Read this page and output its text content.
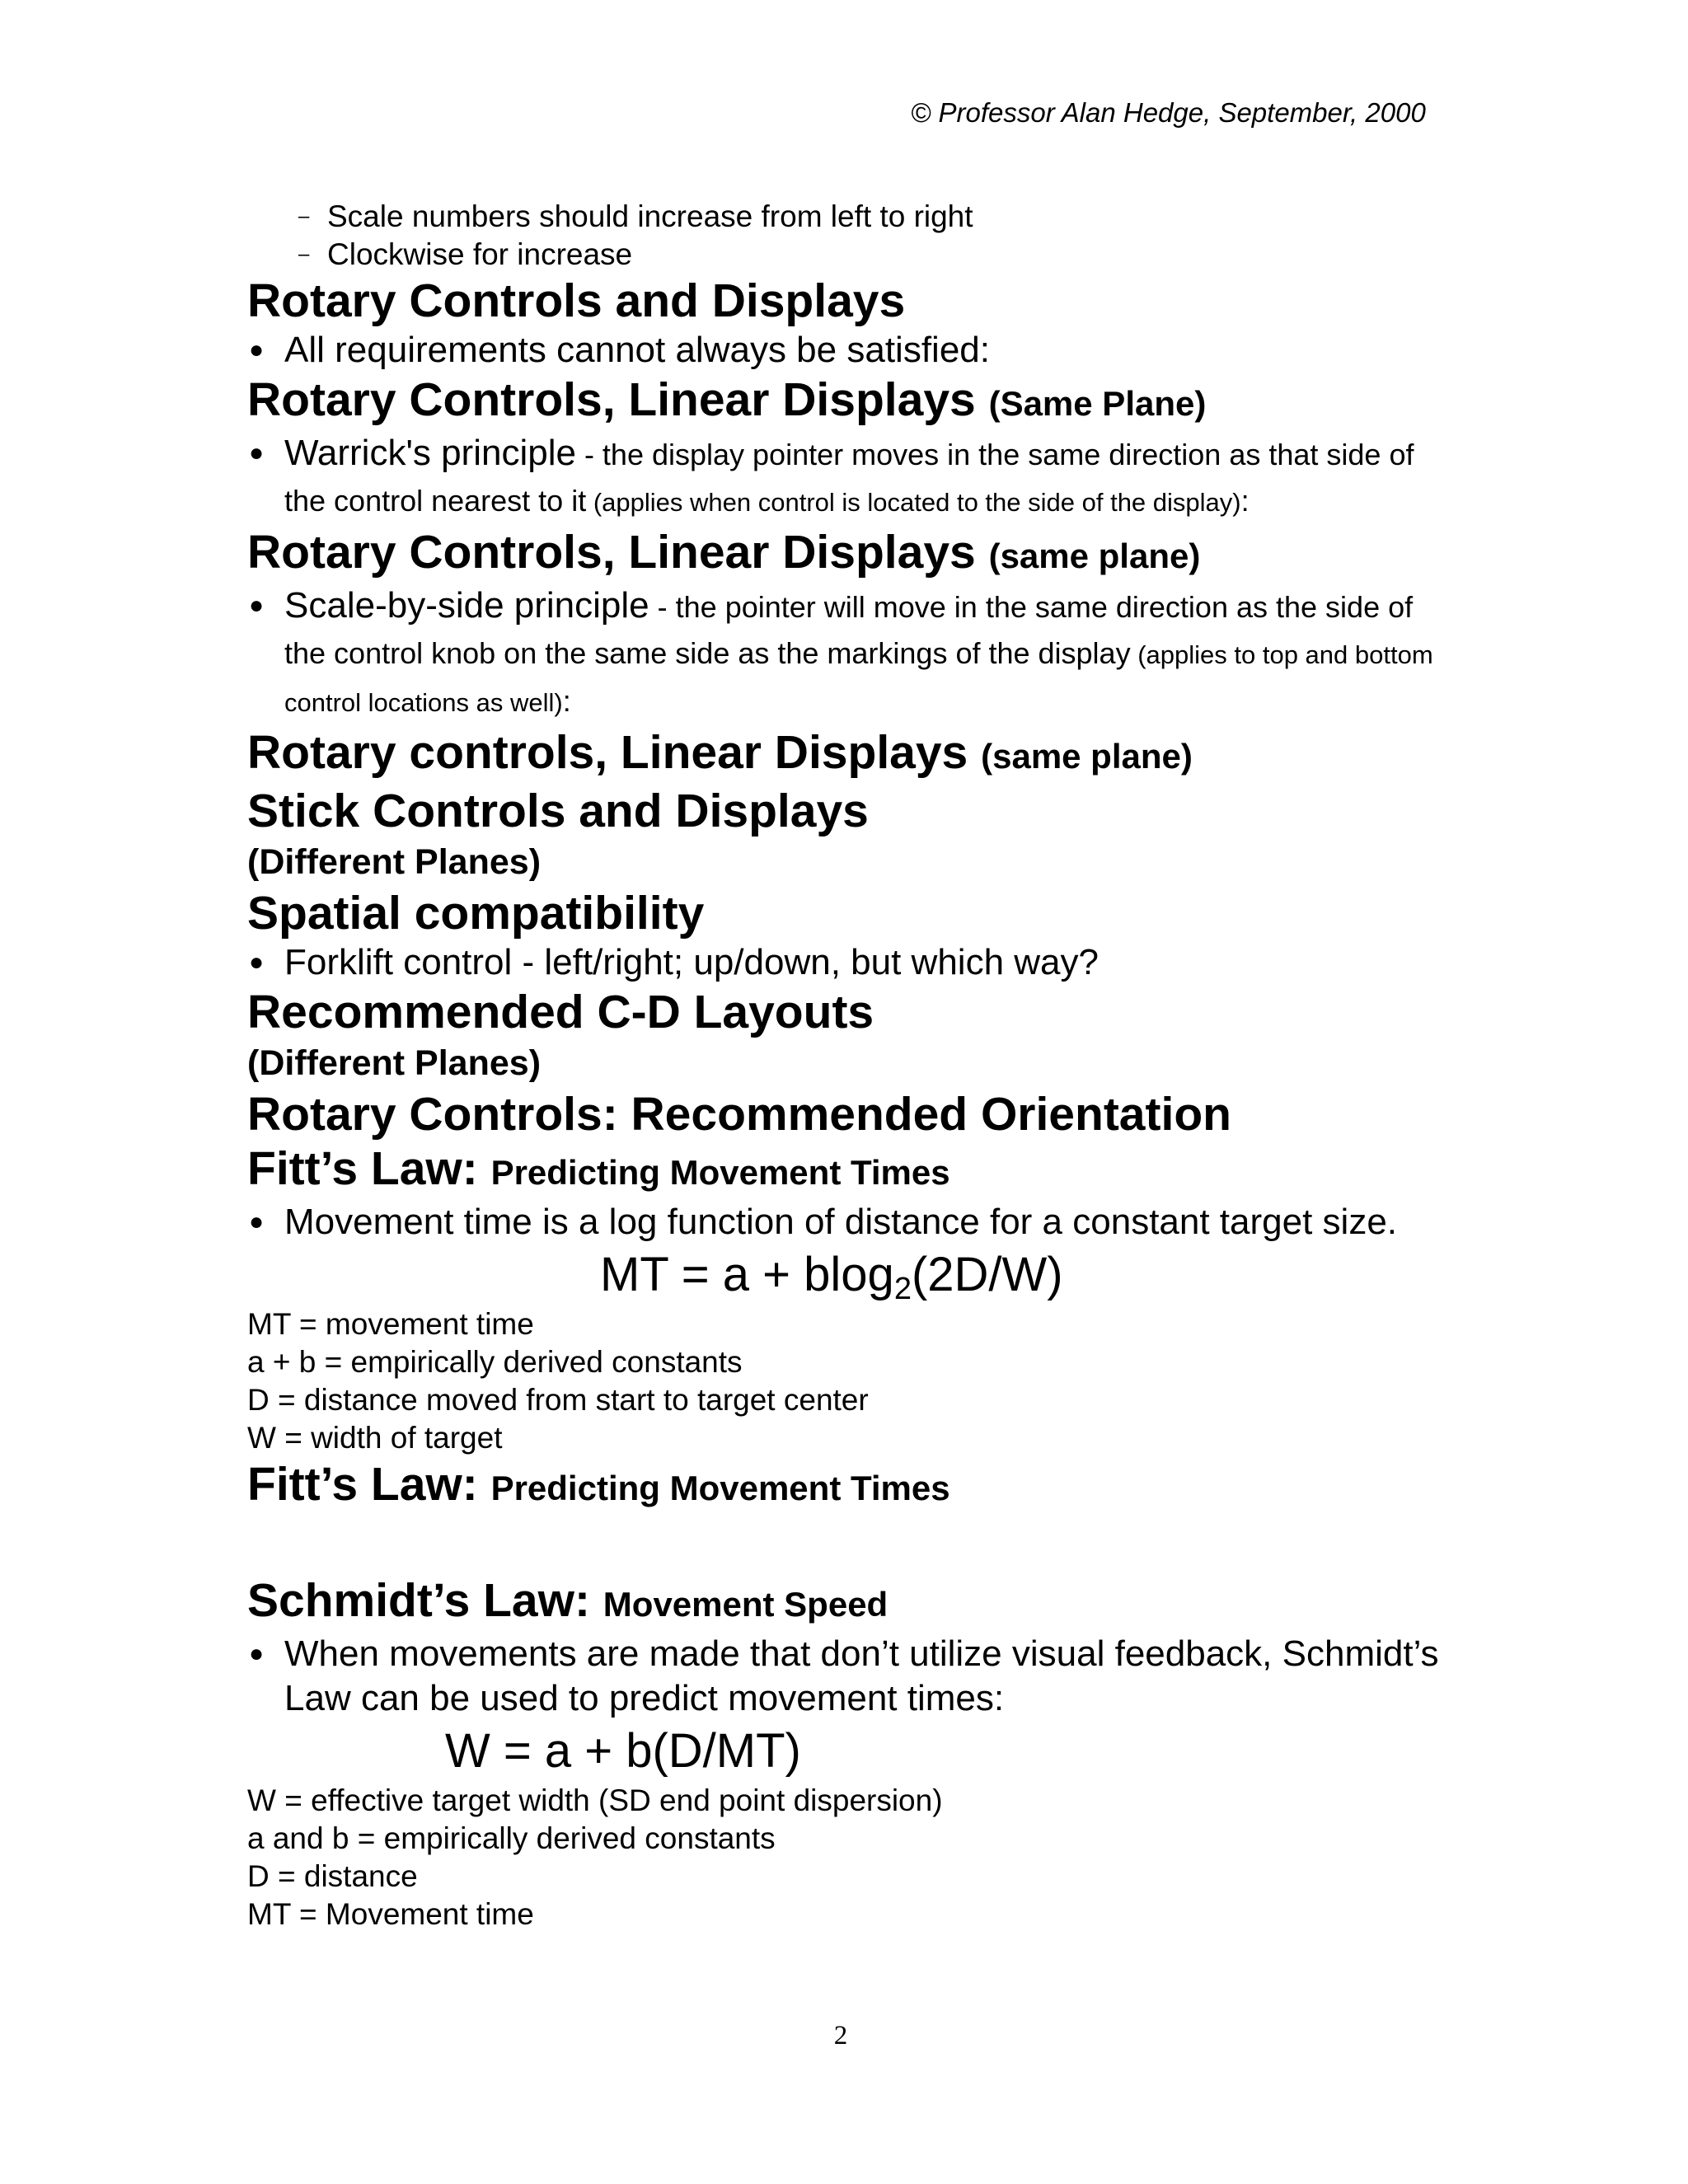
© Professor Alan Hedge, September, 2000
– Scale numbers should increase from left to right
– Clockwise for increase
Rotary Controls and Displays
● All requirements cannot always be satisfied:
Rotary Controls, Linear Displays (Same Plane)
● Warrick's principle - the display pointer moves in the same direction as that side of the control nearest to it (applies when control is located to the side of the display):
Rotary Controls, Linear Displays (same plane)
● Scale-by-side principle - the pointer will move in the same direction as the side of the control knob on the same side as the markings of the display (applies to top and bottom control locations as well):
Rotary controls, Linear Displays (same plane)
Stick Controls and Displays
(Different Planes)
Spatial compatibility
● Forklift control - left/right; up/down, but which way?
Recommended C-D Layouts
(Different Planes)
Rotary Controls: Recommended Orientation
Fitt’s Law: Predicting Movement Times
● Movement time is a log function of distance for a constant target size.
MT = a + blog$_2$(2D/W)
MT = movement time
a + b = empirically derived constants
D = distance moved from start to target center
W = width of target
Fitt’s Law: Predicting Movement Times
Schmidt’s Law: Movement Speed
● When movements are made that don’t utilize visual feedback, Schmidt’s Law can be used to predict movement times:
W = a + b(D/MT)
W = effective target width (SD end point dispersion)
a and b = empirically derived constants
D = distance
MT = Movement time
2
